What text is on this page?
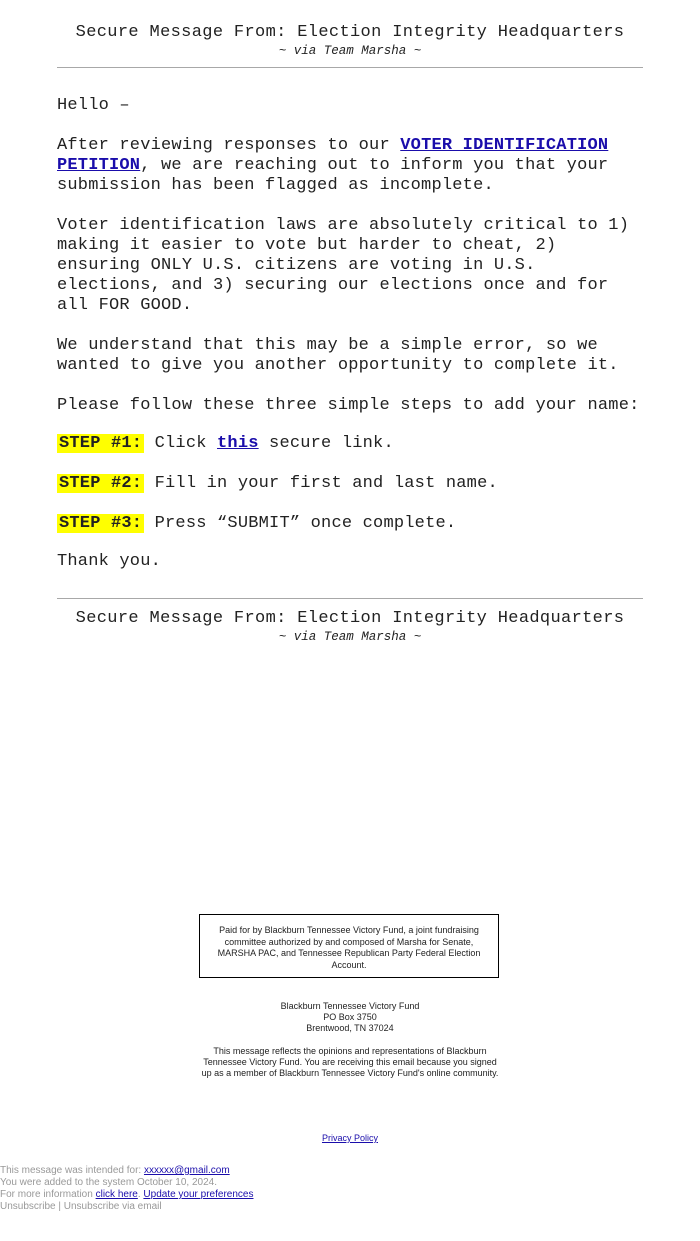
Secure Message From: Election Integrity Headquarters
~ via Team Marsha ~

Hello –

After reviewing responses to our VOTER IDENTIFICATION PETITION, we are reaching out to inform you that your submission has been flagged as incomplete.

Voter identification laws are absolutely critical to 1) making it easier to vote but harder to cheat, 2) ensuring ONLY U.S. citizens are voting in U.S. elections, and 3) securing our elections once and for all FOR GOOD.

We understand that this may be a simple error, so we wanted to give you another opportunity to complete it.

Please follow these three simple steps to add your name:

STEP #1: Click this secure link.

STEP #2: Fill in your first and last name.

STEP #3: Press “SUBMIT” once complete.

Thank you.

Secure Message From: Election Integrity Headquarters
~ via Team Marsha ~
Paid for by Blackburn Tennessee Victory Fund, a joint fundraising committee authorized by and composed of Marsha for Senate, MARSHA PAC, and Tennessee Republican Party Federal Election Account.
Blackburn Tennessee Victory Fund
PO Box 3750
Brentwood, TN 37024
This message reflects the opinions and representations of Blackburn Tennessee Victory Fund. You are receiving this email because you signed up as a member of Blackburn Tennessee Victory Fund's online community.
Privacy Policy
This message was intended for: xxxxxx@gmail.com
You were added to the system October 10, 2024.
For more information click here. Update your preferences
Unsubscribe | Unsubscribe via email
